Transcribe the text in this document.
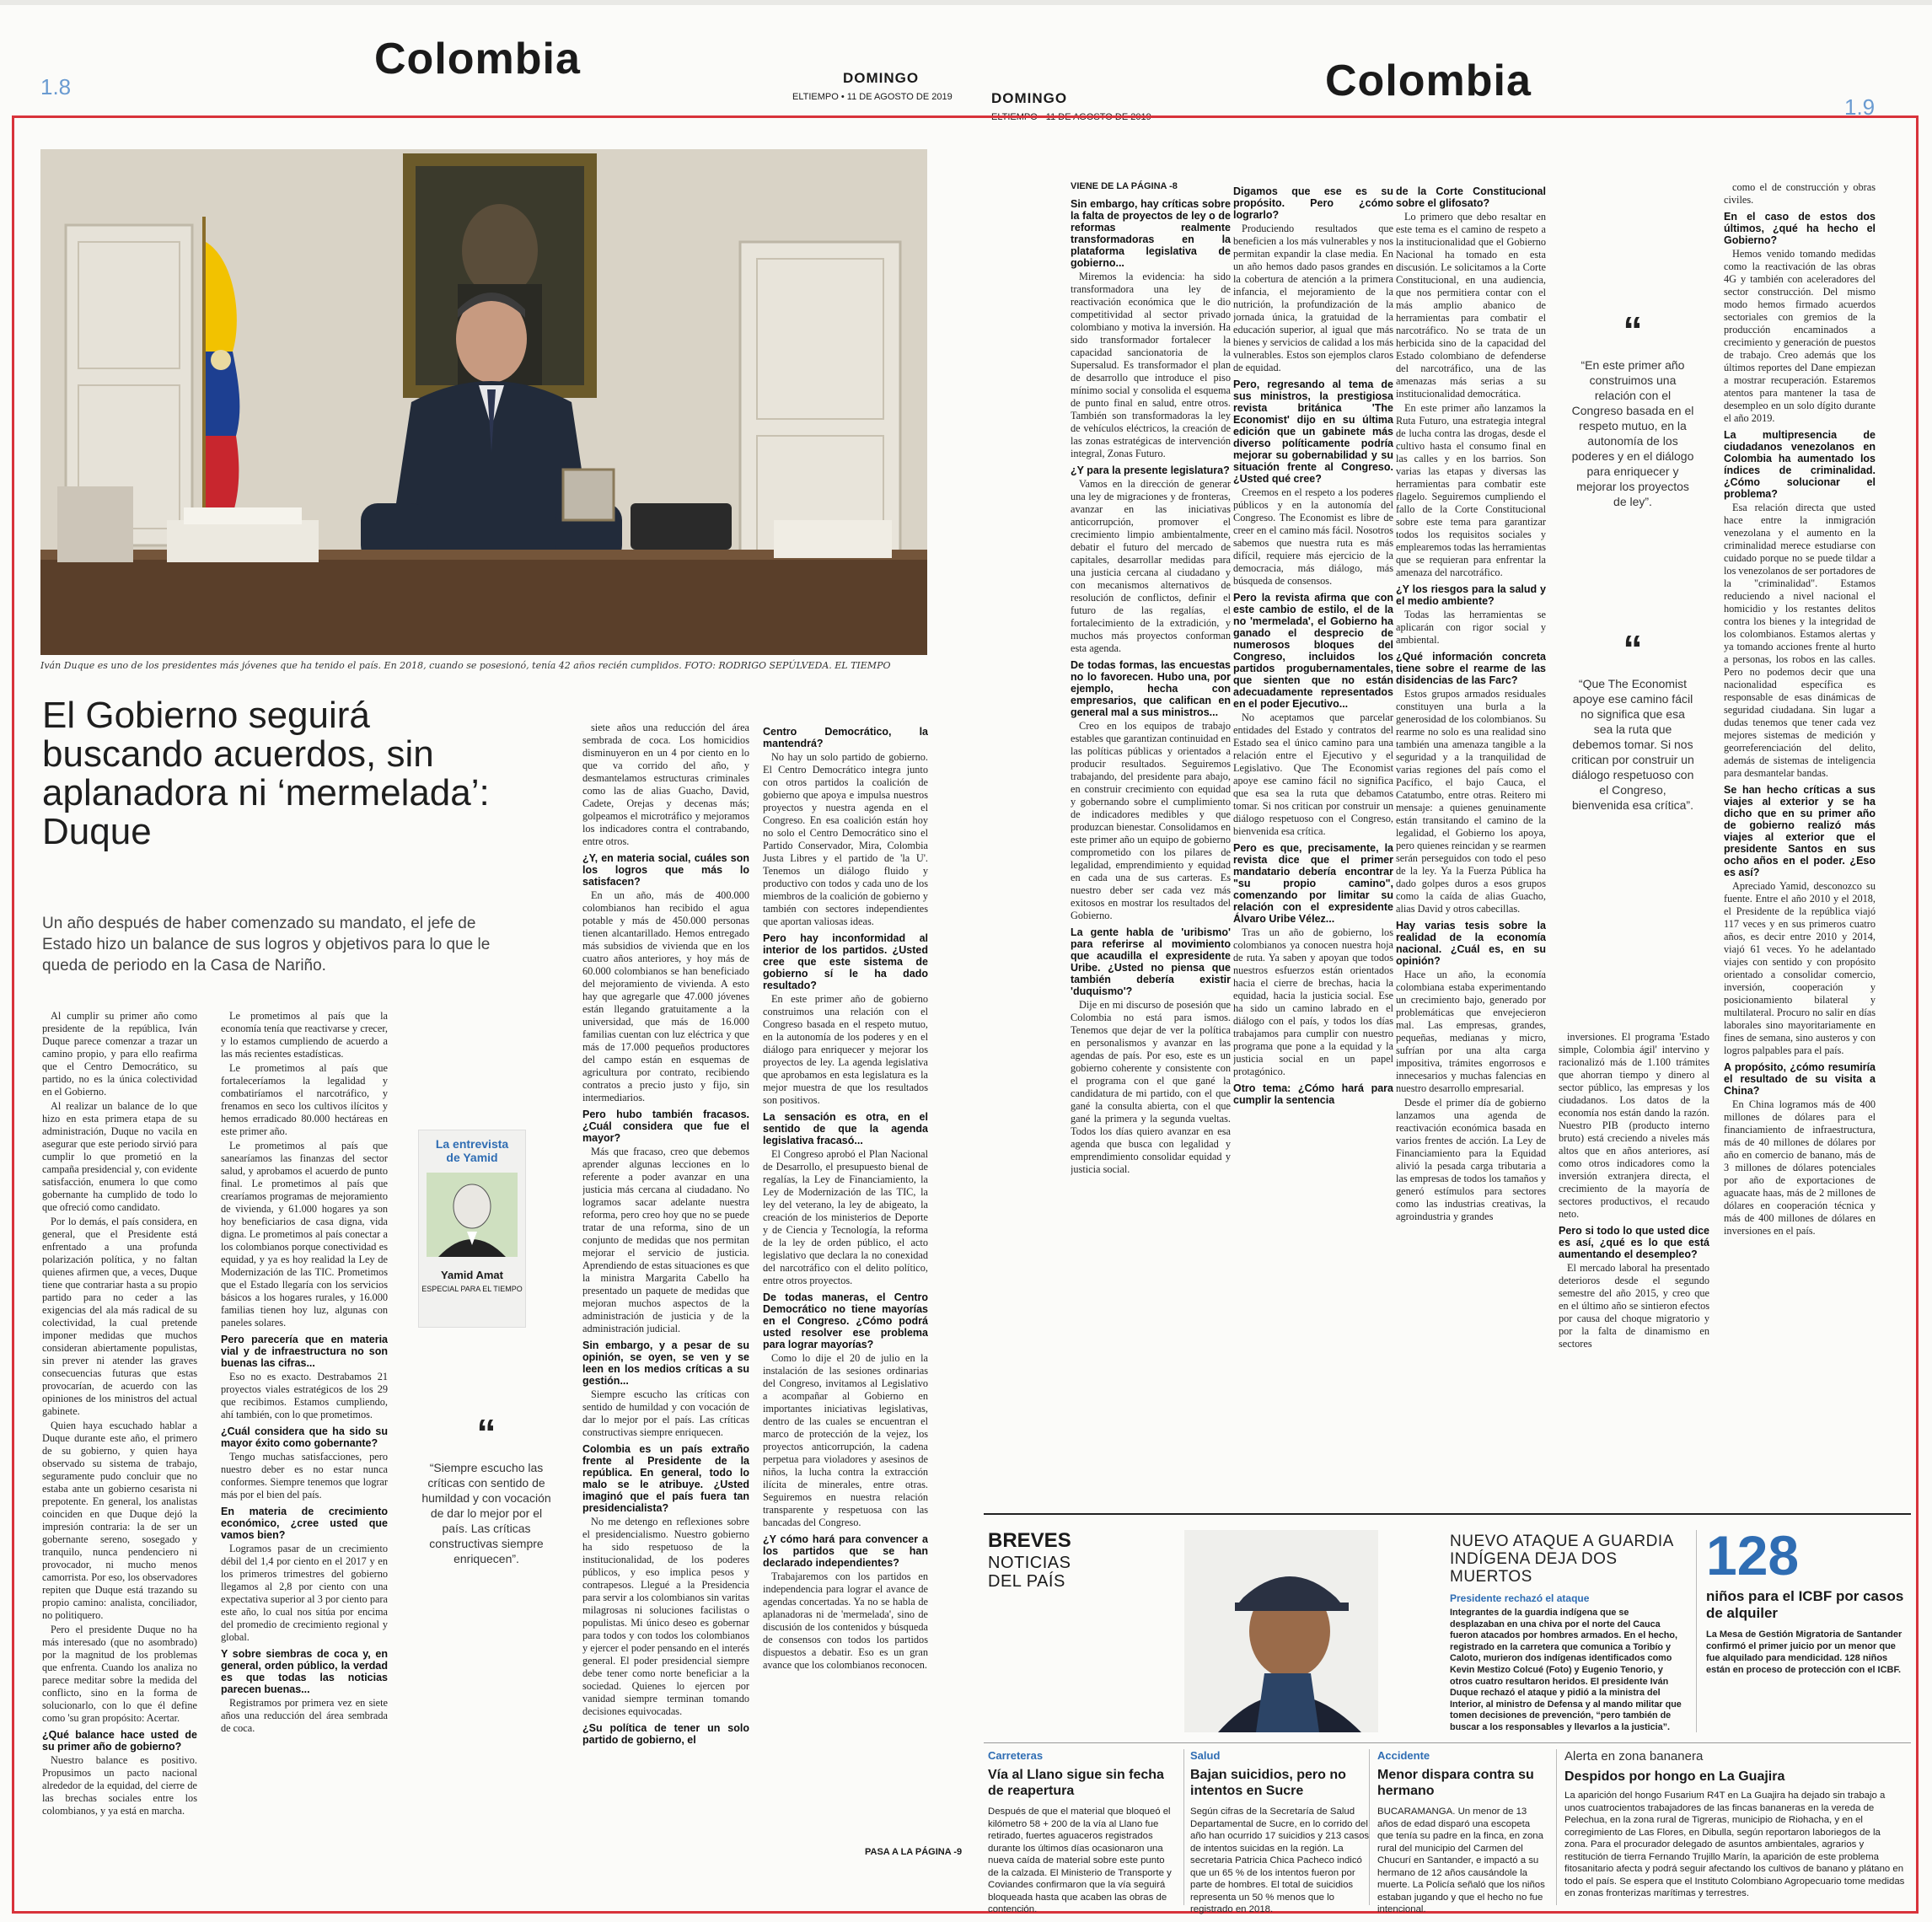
1.8
Colombia	DOMINGO
ELTIEMPO • 11 DE AGOSTO DE 2019	DOMINGO
ELTIEMPO • 11 DE AGOSTO DE 2019
Colombia
1.9
Iván Duque es uno de los presidentes más jóvenes que ha tenido el país. En 2018, cuando se posesionó, tenía 42 años recién cumplidos. FOTO: RODRIGO SEPÚLVEDA. EL TIEMPO
El Gobierno seguirá buscando acuerdos, sin aplanadora ni ‘mermelada’: Duque
Un año después de haber comenzado su mandato, el jefe de Estado hizo un balance de sus logros y objetivos para lo que le queda de periodo en la Casa de Nariño.
La entrevista de Yamid
Yamid Amat
ESPECIAL PARA EL TIEMPO

Al cumplir su primer año como presidente de la república, Iván Duque parece comenzar a trazar un camino propio, y para ello reafirma que el Centro Democrático, su partido, no es la única colectividad en el Gobierno.

Al realizar un balance de lo que hizo en esta primera etapa de su administración, Duque no vacila en asegurar que este periodo sirvió para cumplir lo que prometió en la campaña presidencial y, con evidente satisfacción, enumera lo que como gobernante ha cumplido de todo lo que ofreció como candidato.

Por lo demás, el país considera, en general, que el Presidente está enfrentado a una profunda polarización política, y no faltan quienes afirmen que, a veces, Duque tiene que contrariar hasta a su propio partido para no ceder a las exigencias del ala más radical de su colectividad, la cual pretende imponer medidas que muchos consideran abiertamente populistas, sin prever ni atender las graves consecuencias futuras que estas provocarían, de acuerdo con las opiniones de los ministros del actual gabinete.

Quien haya escuchado hablar a Duque durante este año, el primero de su gobierno, y quien haya observado su sistema de trabajo, seguramente pudo concluir que no estaba ante un gobierno cesarista ni prepotente. En general, los analistas coinciden en que Duque dejó la impresión contraria: la de ser un gobernante sereno, sosegado y tranquilo, nunca pendenciero ni provocador, ni mucho menos camorrista. Por eso, los observadores repiten que Duque está trazando su propio camino: analista, conciliador, no politiquero.

Pero el presidente Duque no ha más interesado (que no asombrado) por la magnitud de los problemas que enfrenta. Cuando los analiza no parece meditar sobre la medida del conflicto, sino en la forma de solucionarlo, con lo que él define como 'su gran propósito: Acertar.

¿Qué balance hace usted de su primer año de gobierno?

Nuestro balance es positivo. Propusimos un pacto nacional alrededor de la equidad, del cierre de las brechas sociales entre los colombianos, y ya está en marcha.

Le prometimos al país que la economía tenía que reactivarse y crecer, y lo estamos cumpliendo de acuerdo a las más recientes estadísticas.

Le prometimos al país que fortaleceríamos la legalidad y combatiríamos el narcotráfico, y frenamos en seco los cultivos ilícitos y hemos erradicado 80.000 hectáreas en este primer año.

Le prometimos al país que sanearíamos las finanzas del sector salud, y aprobamos el acuerdo de punto final. Le prometimos al país que crearíamos programas de mejoramiento de vivienda, y 61.000 hogares ya son hoy beneficiarios de casa digna, vida digna. Le prometimos al país conectar a los colombianos porque conectividad es equidad, y ya es hoy realidad la Ley de Modernización de las TIC. Prometimos que el Estado llegaría con los servicios básicos a los hogares rurales, y 16.000 familias tienen hoy luz, algunas con paneles solares.

Pero parecería que en materia vial y de infraestructura no son buenas las cifras...

Eso no es exacto. Destrabamos 21 proyectos viales estratégicos de los 29 que recibimos. Estamos cumpliendo, ahí también, con lo que prometimos.

¿Cuál considera que ha sido su mayor éxito como gobernante?

Tengo muchas satisfacciones, pero nuestro deber es no estar nunca conformes. Siempre tenemos que lograr más por el bien del país.

En materia de crecimiento económico, ¿cree usted que vamos bien?

Logramos pasar de un crecimiento débil del 1,4 por ciento en el 2017 y en los primeros trimestres del gobierno llegamos al 2,8 por ciento con una expectativa superior al 3 por ciento para este año, lo cual nos sitúa por encima del promedio de crecimiento regional y global.

Y sobre siembras de coca y, en general, orden público, la verdad es que todas las noticias parecen buenas...

Registramos por primera vez en siete años una reducción del área sembrada de coca.

siete años una reducción del área sembrada de coca. Los homicidios disminuyeron en un 4 por ciento en lo que va corrido del año, y desmantelamos estructuras criminales como las de alias Guacho, David, Cadete, Orejas y decenas más; golpeamos el microtráfico y mejoramos los indicadores contra el contrabando, entre otros.

¿Y, en materia social, cuáles son los logros que más lo satisfacen?

En un año, más de 400.000 colombianos han recibido el agua potable y más de 450.000 personas tienen alcantarillado. Hemos entregado más subsidios de vivienda que en los cuatro años anteriores, y hoy más de 60.000 colombianos se han beneficiado del mejoramiento de vivienda. A esto hay que agregarle que 47.000 jóvenes están llegando gratuitamente a la universidad, que más de 16.000 familias cuentan con luz eléctrica y que más de 17.000 pequeños productores del campo están en esquemas de agricultura por contrato, recibiendo contratos a precio justo y fijo, sin intermediarios.

Pero hubo también fracasos. ¿Cuál considera que fue el mayor?

Más que fracaso, creo que debemos aprender algunas lecciones en lo referente a poder avanzar en una justicia más cercana al ciudadano. No logramos sacar adelante nuestra reforma, pero creo hoy que no se puede tratar de una reforma, sino de un conjunto de medidas que nos permitan mejorar el servicio de justicia. Aprendiendo de estas situaciones es que la ministra Margarita Cabello ha presentado un paquete de medidas que mejoran muchos aspectos de la administración de justicia y de la administración judicial.

Sin embargo, y a pesar de su opinión, se oyen, se ven y se leen en los medios críticas a su gestión...

Siempre escucho las críticas con sentido de humildad y con vocación de dar lo mejor por el país. Las críticas constructivas siempre enriquecen.

Colombia es un país extraño frente al Presidente de la república. En general, todo lo malo se le atribuye. ¿Usted imaginó que el país fuera tan presidencialista?

No me detengo en reflexiones sobre el presidencialismo. Nuestro gobierno ha sido respetuoso de la institucionalidad, de los poderes públicos, y eso implica pesos y contrapesos. Llegué a la Presidencia para servir a los colombianos sin varitas milagrosas ni soluciones facilistas o populistas. Mi único deseo es gobernar para todos y con todos los colombianos y ejercer el poder pensando en el interés general. El poder presidencial siempre debe tener como norte beneficiar a la sociedad. Quienes lo ejercen por vanidad siempre terminan tomando decisiones equivocadas.

¿Su política de tener un solo partido de gobierno, el
Centro Democrático, la mantendrá?

No hay un solo partido de gobierno. El Centro Democrático integra junto con otros partidos la coalición de gobierno que apoya e impulsa nuestros proyectos y nuestra agenda en el Congreso. En esa coalición están hoy no solo el Centro Democrático sino el Partido Conservador, Mira, Colombia Justa Libres y el partido de 'la U'. Tenemos un diálogo fluido y productivo con todos y cada uno de los miembros de la coalición de gobierno y también con sectores independientes que aportan valiosas ideas.

Pero hay inconformidad al interior de los partidos. ¿Usted cree que este sistema de gobierno sí le ha dado resultado?

En este primer año de gobierno construimos una relación con el Congreso basada en el respeto mutuo, en la autonomía de los poderes y en el diálogo para enriquecer y mejorar los proyectos de ley. La agenda legislativa que aprobamos en esta legislatura es la mejor muestra de que los resultados son positivos.

La sensación es otra, en el sentido de que la agenda legislativa fracasó...

El Congreso aprobó el Plan Nacional de Desarrollo, el presupuesto bienal de regalías, la Ley de Financiamiento, la Ley de Modernización de las TIC, la ley del veterano, la ley de abigeato, la creación de los ministerios de Deporte y de Ciencia y Tecnología, la reforma de la ley de orden público, el acto legislativo que declara la no conexidad del narcotráfico con el delito político, entre otros proyectos.

De todas maneras, el Centro Democrático no tiene mayorías en el Congreso. ¿Cómo podrá usted resolver ese problema para lograr mayorías?

Como lo dije el 20 de julio en la instalación de las sesiones ordinarias del Congreso, invitamos al Legislativo a acompañar al Gobierno en importantes iniciativas legislativas, dentro de las cuales se encuentran el marco de protección de la vejez, los proyectos anticorrupción, la cadena perpetua para violadores y asesinos de niños, la lucha contra la extracción ilícita de minerales, entre otras. Seguiremos en nuestra relación transparente y respetuosa con las bancadas del Congreso.

¿Y cómo hará para convencer a los partidos que se han declarado independientes?

Trabajaremos con los partidos en independencia para lograr el avance de agendas concertadas. Ya no se habla de aplanadoras ni de 'mermelada', sino de discusión de los contenidos y búsqueda de consensos con todos los partidos dispuestos a debatir. Eso es un gran avance que los colombianos reconocen.

“
“Siempre escucho las críticas con sentido de humildad y con vocación de dar lo mejor por el país. Las críticas constructivas siempre enriquecen”.
PASA A LA PÁGINA -9
VIENE DE LA PÁGINA -8
Sin embargo, hay críticas sobre la falta de proyectos de ley o de reformas realmente transformadoras en la plataforma legislativa de gobierno...

Miremos la evidencia: ha sido transformadora una ley de reactivación económica que le dio competitividad al sector privado colombiano y motiva la inversión. Ha sido transformador fortalecer la capacidad sancionatoria de la Supersalud. Es transformador el plan de desarrollo que introduce el piso mínimo social y consolida el esquema de punto final en salud, entre otros. También son transformadoras la ley de vehículos eléctricos, la creación de las zonas estratégicas de intervención integral, Zonas Futuro.

¿Y para la presente legislatura?

Vamos en la dirección de generar una ley de migraciones y de fronteras, avanzar en las iniciativas anticorrupción, promover el crecimiento limpio ambientalmente, debatir el futuro del mercado de capitales, desarrollar medidas para una justicia cercana al ciudadano y con mecanismos alternativos de resolución de conflictos, definir el futuro de las regalías, el fortalecimiento de la extradición, y muchos más proyectos conforman esta agenda.

De todas formas, las encuestas no lo favorecen. Hubo una, por ejemplo, hecha con empresarios, que califican en general mal a sus ministros...

Creo en los equipos de trabajo estables que garantizan continuidad en las políticas públicas y orientados a producir resultados. Seguiremos trabajando, del presidente para abajo, en construir crecimiento con equidad y gobernando sobre el cumplimiento de indicadores medibles y que produzcan bienestar. Consolidamos en este primer año un equipo de gobierno comprometido con los pilares de legalidad, emprendimiento y equidad en cada una de sus carteras. Es nuestro deber ser cada vez más exitosos en mostrar los resultados del Gobierno.

La gente habla de 'uribismo' para referirse al movimiento que acaudilla el expresidente Uribe. ¿Usted no piensa que también debería existir 'duquismo'?

Dije en mi discurso de posesión que Colombia no está para ismos. Tenemos que dejar de ver la política en personalismos y avanzar en las agendas de país. Por eso, este es un gobierno coherente y consistente con el programa con el que gané la candidatura de mi partido, con el que gané la consulta abierta, con el que gané la primera y la segunda vueltas. Todos los días quiero avanzar en esa agenda que busca con legalidad y emprendimiento consolidar equidad y justicia social.

Digamos que ese es su propósito. Pero ¿cómo lograrlo?

Produciendo resultados que beneficien a los más vulnerables y nos permitan expandir la clase media. En un año hemos dado pasos grandes en la cobertura de atención a la primera infancia, el mejoramiento de la nutrición, la profundización de la jornada única, la gratuidad de la educación superior, al igual que más bienes y servicios de calidad a los más vulnerables. Estos son ejemplos claros de equidad.

Pero, regresando al tema de sus ministros, la prestigiosa revista británica 'The Economist' dijo en su última edición que un gabinete más diverso políticamente podría mejorar su gobernabilidad y su situación frente al Congreso. ¿Usted qué cree?

Creemos en el respeto a los poderes públicos y en la autonomía del Congreso. The Economist es libre de creer en el camino más fácil. Nosotros sabemos que nuestra ruta es más difícil, requiere más ejercicio de la democracia, más diálogo, más búsqueda de consensos.

Pero la revista afirma que con este cambio de estilo, el de la no 'mermelada', el Gobierno ha ganado el desprecio de numerosos bloques del Congreso, incluidos los partidos progubernamentales, que sienten que no están adecuadamente representados en el poder Ejecutivo...

No aceptamos que parcelar entidades del Estado y contratos del Estado sea el único camino para una relación entre el Ejecutivo y el Legislativo. Que The Economist apoye ese camino fácil no significa que esa sea la ruta que debamos tomar. Si nos critican por construir un diálogo respetuoso con el Congreso, bienvenida esa crítica.

Pero es que, precisamente, la revista dice que el primer mandatario debería encontrar "su propio camino", comenzando por limitar su relación con el expresidente Álvaro Uribe Vélez...

Tras un año de gobierno, los colombianos ya conocen nuestra hoja de ruta. Ya saben y apoyan que todos nuestros esfuerzos están orientados hacia el cierre de brechas, hacia la equidad, hacia la justicia social. Ese ha sido un camino labrado en el diálogo con el país, y todos los días trabajamos para cumplir con nuestro programa que pone a la equidad y la justicia social en un papel protagónico.

Otro tema: ¿Cómo hará para cumplir la sentencia
de la Corte Constitucional sobre el glifosato?

Lo primero que debo resaltar en este tema es el camino de respeto a la institucionalidad que el Gobierno Nacional ha tomado en esta discusión. Le solicitamos a la Corte Constitucional, en una audiencia, que nos permitiera contar con el más amplio abanico de herramientas para combatir el narcotráfico. No se trata de un herbicida sino de la capacidad del Estado colombiano de defenderse del narcotráfico, una de las amenazas más serias a su institucionalidad democrática.

En este primer año lanzamos la Ruta Futuro, una estrategia integral de lucha contra las drogas, desde el cultivo hasta el consumo final en las calles y en los barrios. Son varias las etapas y diversas las herramientas para combatir este flagelo. Seguiremos cumpliendo el fallo de la Corte Constitucional sobre este tema para garantizar todos los requisitos sociales y emplearemos todas las herramientas que se requieran para enfrentar la amenaza del narcotráfico.

¿Y los riesgos para la salud y el medio ambiente?

Todas las herramientas se aplicarán con rigor social y ambiental.

¿Qué información concreta tiene sobre el rearme de las disidencias de las Farc?

Estos grupos armados residuales constituyen una burla a la generosidad de los colombianos. Su rearme no solo es una realidad sino también una amenaza tangible a la seguridad y a la tranquilidad de varias regiones del país como el Pacífico, el bajo Cauca, el Catatumbo, entre otras. Reitero mi mensaje: a quienes genuinamente están transitando el camino de la legalidad, el Gobierno los apoya, pero quienes reincidan y se rearmen serán perseguidos con todo el peso de la ley. Ya la Fuerza Pública ha dado golpes duros a esos grupos como la caída de alias Guacho, alias David y otros cabecillas.

Hay varias tesis sobre la realidad de la economía nacional. ¿Cuál es, en su opinión?

Hace un año, la economía colombiana estaba experimentando un crecimiento bajo, generado por problemáticas que envejecieron mal. Las empresas, grandes, pequeñas, medianas y micro, sufrían por una alta carga impositiva, trámites engorrosos e innecesarios y muchas falencias en nuestro desarrollo empresarial.

Desde el primer día de gobierno lanzamos una agenda de reactivación económica basada en varios frentes de acción. La Ley de Financiamiento para la Equidad alivió la pesada carga tributaria a las empresas de todos los tamaños y generó estímulos para sectores como las industrias creativas, la agroindustria y grandes

inversiones. El programa 'Estado simple, Colombia ágil' intervino y racionalizó más de 1.100 trámites que ahorran tiempo y dinero al sector público, las empresas y los ciudadanos. Los datos de la economía nos están dando la razón. Nuestro PIB (producto interno bruto) está creciendo a niveles más altos que en años anteriores, así como otros indicadores como la inversión extranjera directa, el crecimiento de la mayoría de sectores productivos, el recaudo neto.

Pero si todo lo que usted dice es así, ¿qué es lo que está aumentando el desempleo?

El mercado laboral ha presentado deterioros desde el segundo semestre del año 2015, y creo que en el último año se sintieron efectos por causa del choque migratorio y por la falta de dinamismo en sectores

como el de construcción y obras civiles.

En el caso de estos dos últimos, ¿qué ha hecho el Gobierno?

Hemos venido tomando medidas como la reactivación de las obras 4G y también con aceleradores del sector construcción. Del mismo modo hemos firmado acuerdos sectoriales con gremios de la producción encaminados a crecimiento y generación de puestos de trabajo. Creo además que los últimos reportes del Dane empiezan a mostrar recuperación. Estaremos atentos para mantener la tasa de desempleo en un solo dígito durante el año 2019.

La multipresencia de ciudadanos venezolanos en Colombia ha aumentado los índices de criminalidad. ¿Cómo solucionar el problema?

Esa relación directa que usted hace entre la inmigración venezolana y el aumento en la criminalidad merece estudiarse con cuidado porque no se puede tildar a los venezolanos de ser portadores de la "criminalidad". Estamos reduciendo a nivel nacional el homicidio y los restantes delitos contra los bienes y la integridad de los colombianos. Estamos alertas y ya tomando acciones frente al hurto a personas, los robos en las calles. Pero no podemos decir que una nacionalidad específica es responsable de esas dinámicas de seguridad ciudadana. Sin lugar a dudas tenemos que tener cada vez mejores sistemas de medición y georreferenciación del delito, además de sistemas de inteligencia para desmantelar bandas.

Se han hecho críticas a sus viajes al exterior y se ha dicho que en su primer año de gobierno realizó más viajes al exterior que el presidente Santos en sus ocho años en el poder. ¿Eso es así?

Apreciado Yamid, desconozco su fuente. Entre el año 2010 y el 2018, el Presidente de la república viajó 117 veces y en sus primeros cuatro años, es decir entre 2010 y 2014, viajó 61 veces. Yo he adelantado viajes con sentido y con propósito orientado a consolidar comercio, inversión, cooperación y posicionamiento bilateral y multilateral. Procuro no salir en días laborales sino mayoritariamente en fines de semana, sino austeros y con logros palpables para el país.

A propósito, ¿cómo resumiría el resultado de su visita a China?

En China logramos más de 400 millones de dólares para el financiamiento de infraestructura, más de 40 millones de dólares por año en comercio de banano, más de 3 millones de dólares potenciales por año de exportaciones de aguacate haas, más de 2 millones de dólares en cooperación técnica y más de 400 millones de dólares en inversiones en el país.

“
“En este primer año construimos una relación con el Congreso basada en el respeto mutuo, en la autonomía de los poderes y en el diálogo para enriquecer y mejorar los proyectos de ley”.
“
“Que The Economist apoye ese camino fácil no significa que esa sea la ruta que debemos tomar. Si nos critican por construir un diálogo respetuoso con el Congreso, bienvenida esa crítica”.
BREVES
NOTICIAS DEL PAÍS
NUEVO ATAQUE A GUARDIA INDÍGENA DEJA DOS MUERTOS
Presidente rechazó el ataque
Integrantes de la guardia indígena que se desplazaban en una chiva por el norte del Cauca fueron atacados por hombres armados. En el hecho, registrado en la carretera que comunica a Toribío y Caloto, murieron dos indígenas identificados como Kevin Mestizo Colcué (Foto) y Eugenio Tenorio, y otros cuatro resultaron heridos. El presidente Iván Duque rechazó el ataque y pidió a la ministra del Interior, al ministro de Defensa y al mando militar que tomen decisiones de prevención, “pero también de buscar a los responsables y llevarlos a la justicia”.
128
niños para el ICBF por casos de alquiler
La Mesa de Gestión Migratoria de Santander confirmó el primer juicio por un menor que fue alquilado para mendicidad. 128 niños están en proceso de protección con el ICBF.
Carreteras
Vía al Llano sigue sin fecha de reapertura
Después de que el material que bloqueó el kilómetro 58 + 200 de la vía al Llano fue retirado, fuertes aguaceros registrados durante los últimos días ocasionaron una nueva caída de material sobre este punto de la calzada. El Ministerio de Transporte y Coviandes confirmaron que la vía seguirá bloqueada hasta que acaben las obras de contención.
Salud
Bajan suicidios, pero no intentos en Sucre
Según cifras de la Secretaría de Salud Departamental de Sucre, en lo corrido del año han ocurrido 17 suicidios y 213 casos de intentos suicidas en la región. La secretaria Patricia Chica Pacheco indicó que un 65 % de los intentos fueron por parte de hombres. El total de suicidios representa un 50 % menos que lo registrado en 2018.
Accidente
Menor dispara contra su hermano
BUCARAMANGA. Un menor de 13 años de edad disparó una escopeta que tenía su padre en la finca, en zona rural del municipio del Carmen del Chucurí en Santander, e impactó a su hermano de 12 años causándole la muerte. La Policía señaló que los niños estaban jugando y que el hecho no fue intencional.
Alerta en zona bananera
Despidos por hongo en La Guajira
La aparición del hongo Fusarium R4T en La Guajira ha dejado sin trabajo a unos cuatrocientos trabajadores de las fincas bananeras en la vereda de Pelechua, en la zona rural de Tigreras, municipio de Riohacha, y en el corregimiento de Las Flores, en Dibulla, según reportaron laboriegos de la zona. Para el procurador delegado de asuntos ambientales, agrarios y restitución de tierra Fernando Trujillo Marín, la aparición de este problema fitosanitario afecta y podrá seguir afectando los cultivos de banano y plátano en todo el país. Se espera que el Instituto Colombiano Agropecuario tome medidas en zonas fronterizas marítimas y terrestres.
